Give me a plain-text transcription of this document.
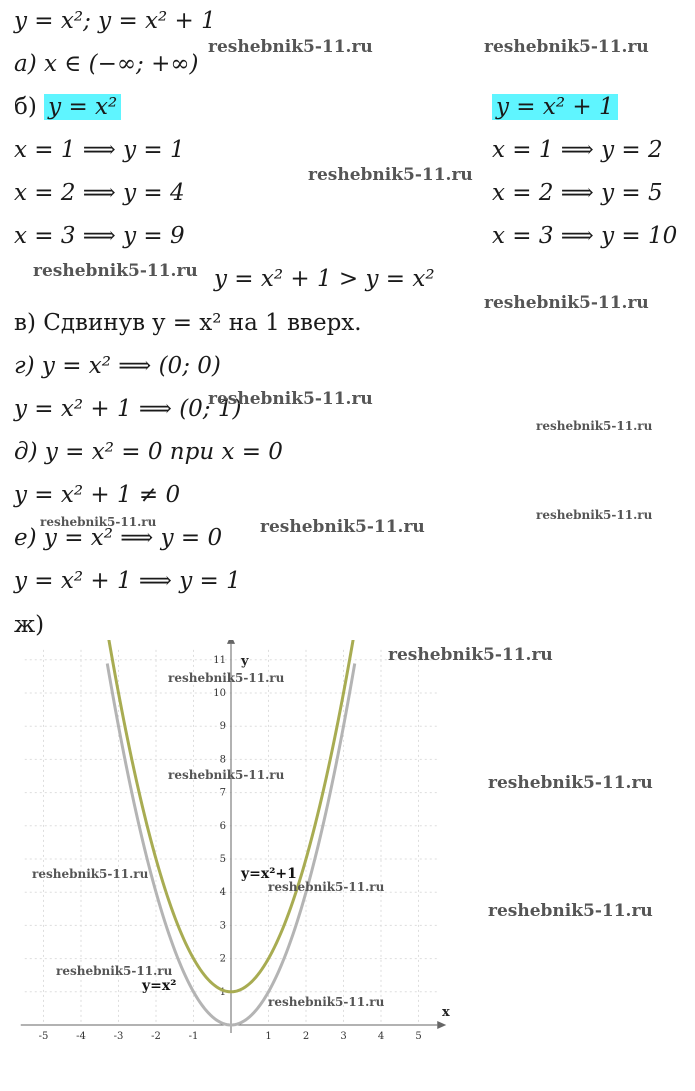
y = x²; y = x² + 1
а) x ∈ (−∞; +∞)
б) y = x²	y = x² + 1
x = 1 ⟹ y = 1	x = 1 ⟹ y = 2
x = 2 ⟹ y = 4	x = 2 ⟹ y = 5
x = 3 ⟹ y = 9	x = 3 ⟹ y = 10
y = x² + 1 > y = x²
в) Сдвинув y = x² на 1 вверх.
г) y = x² ⟹ (0; 0)
y = x² + 1 ⟹ (0; 1)
д) y = x² = 0 при x = 0
y = x² + 1 ≠ 0
е) y = x² ⟹ y = 0
y = x² + 1 ⟹ y = 1
ж)
-5	-4	-3	-2	-1	1	2	3	4	5
1
2
3
4
5
6
7
8
9
10
11
x
y
y=x²+1
y=x²
reshebnik5-11.ru	reshebnik5-11.ru
reshebnik5-11.ru
reshebnik5-11.ru
reshebnik5-11.ru
reshebnik5-11.ru
reshebnik5-11.ru
reshebnik5-11.ru
reshebnik5-11.ru	reshebnik5-11.ru
reshebnik5-11.ru
reshebnik5-11.ru
reshebnik5-11.ru	reshebnik5-11.ru
reshebnik5-11.ru
reshebnik5-11.ru
reshebnik5-11.ru
reshebnik5-11.ru
reshebnik5-11.ru
